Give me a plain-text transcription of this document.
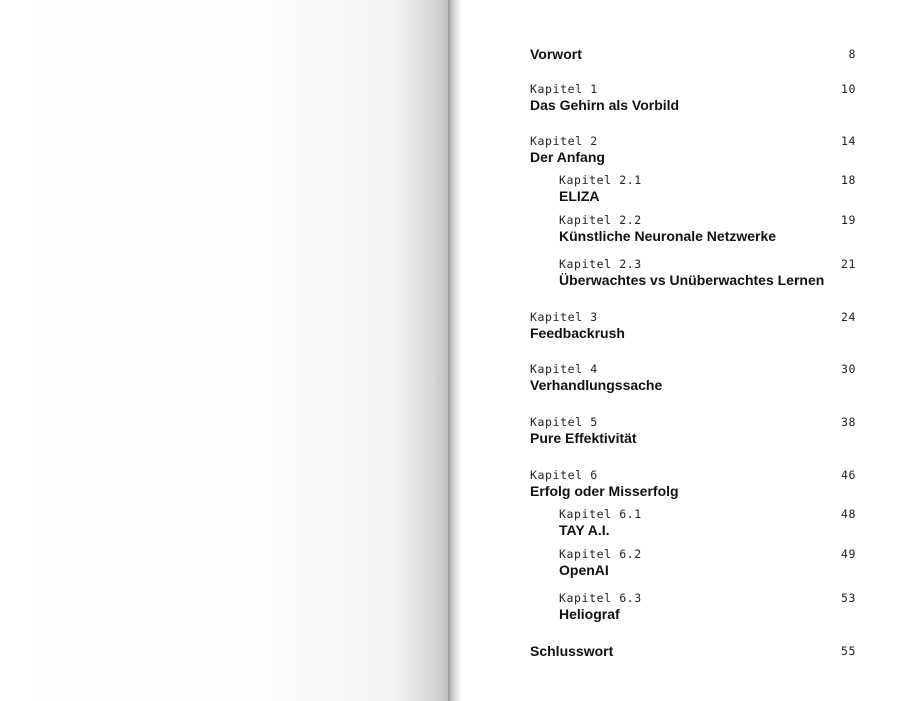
Vorwort	8
Kapitel 1
Das Gehirn als Vorbild
10
Kapitel 2
Der Anfang
14
Kapitel 2.1
ELIZA
18
Kapitel 2.2
Künstliche Neuronale Netzwerke
19
Kapitel 2.3
Überwachtes vs Unüberwachtes Lernen
21
Kapitel 3
Feedbackrush
24
Kapitel 4
Verhandlungssache
30
Kapitel 5
Pure Effektivität
38
Kapitel 6
Erfolg oder Misserfolg
46
Kapitel 6.1
TAY A.I.
48
Kapitel 6.2
OpenAI
49
Kapitel 6.3
Heliograf
53
Schlusswort	55
